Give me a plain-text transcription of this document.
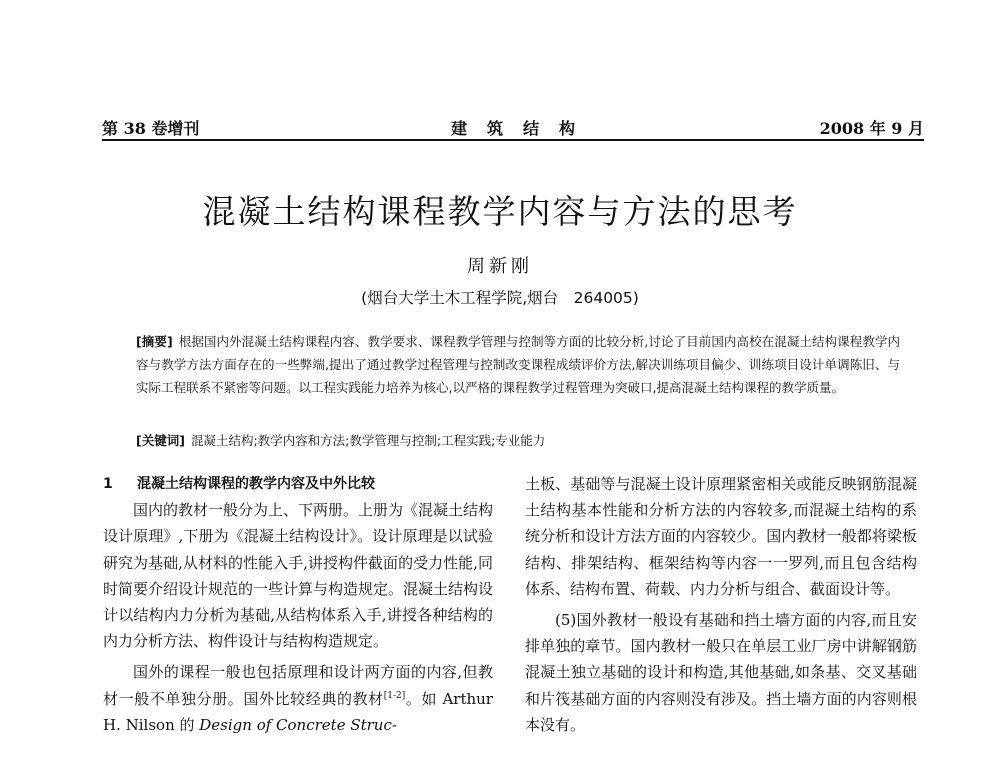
第 38 卷增刊	建筑结构	2008 年 9 月
混凝土结构课程教学内容与方法的思考
周新刚
(烟台大学土木工程学院,烟台　264005)
[摘要] 根据国内外混凝土结构课程内容、教学要求、课程教学管理与控制等方面的比较分析,讨论了目前国内高校在混凝土结构课程教学内容与教学方法方面存在的一些弊端,提出了通过教学过程管理与控制改变课程成绩评价方法,解决训练项目偏少、训练项目设计单调陈旧、与实际工程联系不紧密等问题。以工程实践能力培养为核心,以严格的课程教学过程管理为突破口,提高混凝土结构课程的教学质量。
[关键词] 混凝土结构;教学内容和方法;教学管理与控制;工程实践;专业能力
1 混凝土结构课程的教学内容及中外比较

国内的教材一般分为上、下两册。上册为《混凝土结构设计原理》,下册为《混凝土结构设计》。设计原理是以试验研究为基础,从材料的性能入手,讲授构件截面的受力性能,同时简要介绍设计规范的一些计算与构造规定。混凝土结构设计以结构内力分析为基础,从结构体系入手,讲授各种结构的内力分析方法、构件设计与结构构造规定。

国外的课程一般也包括原理和设计两方面的内容,但教材一般不单独分册。国外比较经典的教材[1-2]。如 Arthur H. Nilson 的 Design of Concrete Struc-

土板、基础等与混凝土设计原理紧密相关或能反映钢筋混凝土结构基本性能和分析方法的内容较多,而混凝土结构的系统分析和设计方法方面的内容较少。国内教材一般都将梁板结构、排架结构、框架结构等内容一一罗列,而且包含结构体系、结构布置、荷载、内力分析与组合、截面设计等。

(5)国外教材一般设有基础和挡土墙方面的内容,而且安排单独的章节。国内教材一般只在单层工业厂房中讲解钢筋混凝土独立基础的设计和构造,其他基础,如条基、交叉基础和片筏基础方面的内容则没有涉及。挡土墙方面的内容则根本没有。
